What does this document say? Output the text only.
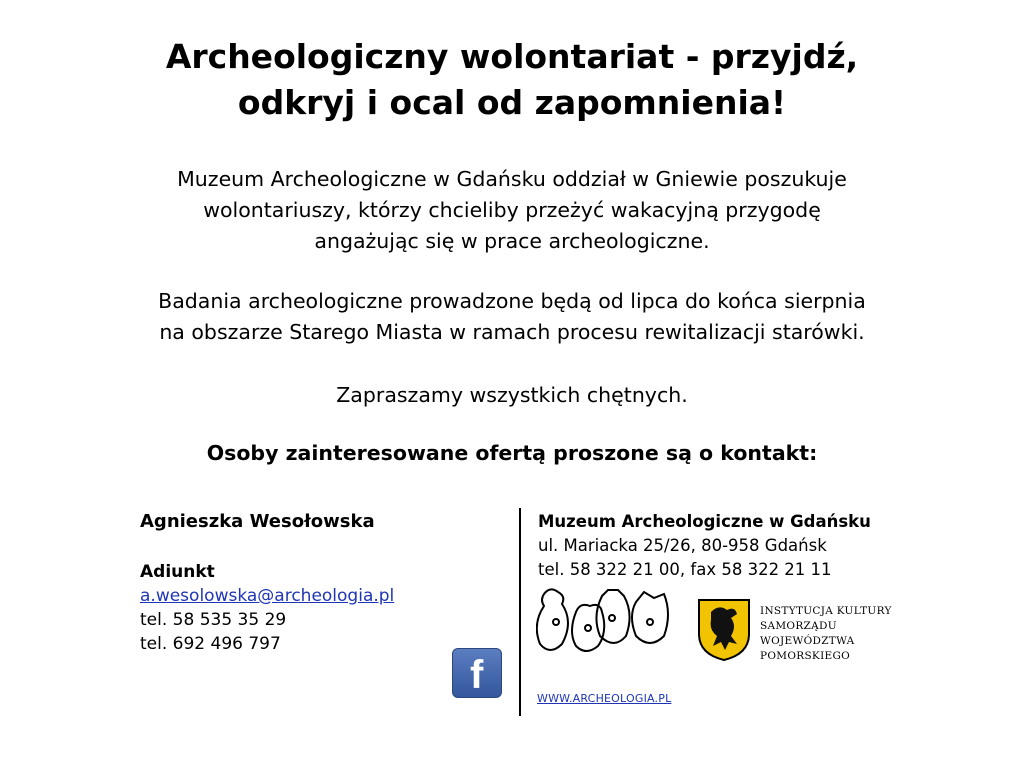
Archeologiczny wolontariat - przyjdź,
odkryj i ocal od zapomnienia!

Muzeum Archeologiczne w Gdańsku oddział w Gniewie poszukuje
wolontariuszy, którzy chcieliby przeżyć wakacyjną przygodę
angażując się w prace archeologiczne.

Badania archeologiczne prowadzone będą od lipca do końca sierpnia
na obszarze Starego Miasta w ramach procesu rewitalizacji starówki.

Zapraszamy wszystkich chętnych.

Osoby zainteresowane ofertą proszone są o kontakt:

Agnieszka Wesołowska
Adiunkt
a.wesolowska@archeologia.pl
tel. 58 535 35 29
tel. 692 496 797
f
Muzeum Archeologiczne w Gdańsku
ul. Mariacka 25/26, 80-958 Gdańsk
tel. 58 322 21 00, fax 58 322 21 11
INSTYTUCJA KULTURY
SAMORZĄDU
WOJEWÓDZTWA
POMORSKIEGO
WWW.ARCHEOLOGIA.PL
